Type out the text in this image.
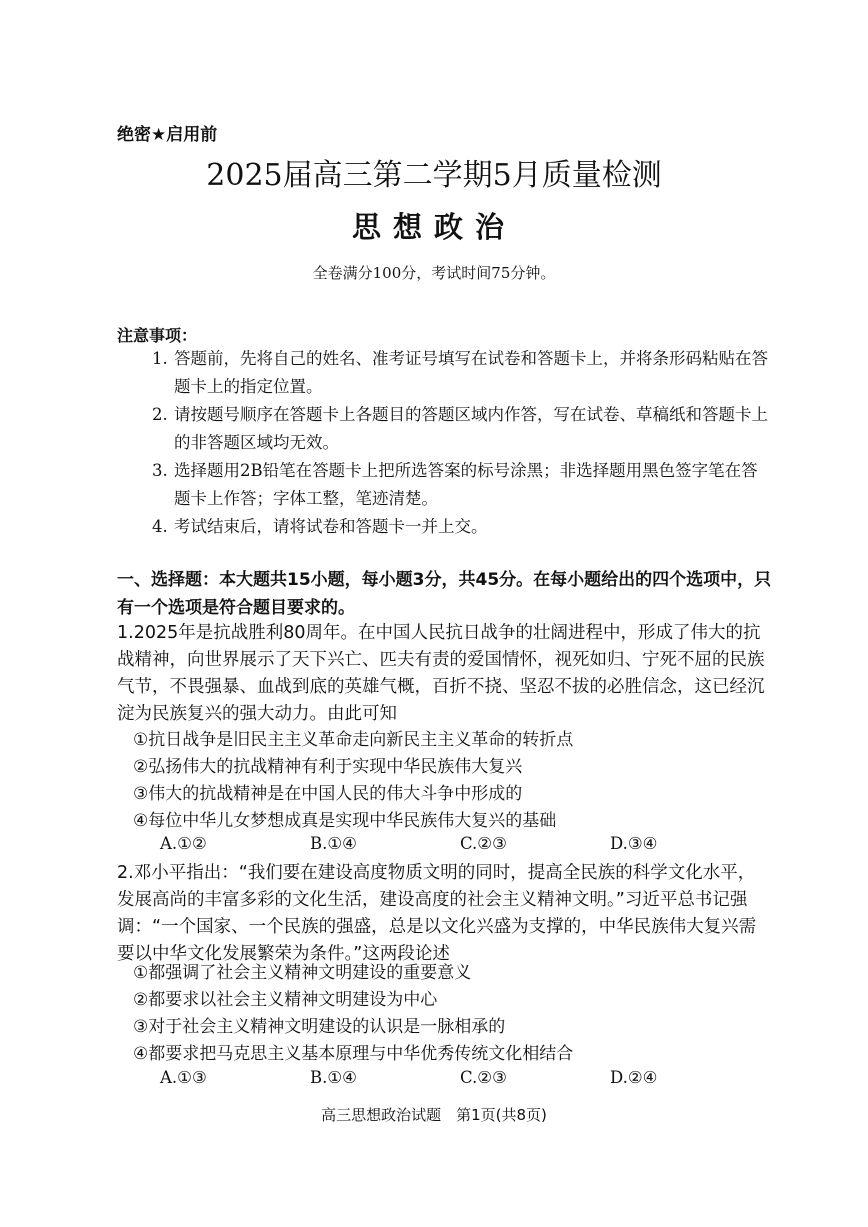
绝密★启用前
2025届高三第二学期5月质量检测
思想政治
全卷满分100分，考试时间75分钟。
注意事项：
1. 答题前，先将自己的姓名、准考证号填写在试卷和答题卡上，并将条形码粘贴在答题卡上的指定位置。
2. 请按题号顺序在答题卡上各题目的答题区域内作答，写在试卷、草稿纸和答题卡上的非答题区域均无效。
3. 选择题用2B铅笔在答题卡上把所选答案的标号涂黑；非选择题用黑色签字笔在答题卡上作答；字体工整，笔迹清楚。
4. 考试结束后，请将试卷和答题卡一并上交。
一、选择题：本大题共15小题，每小题3分，共45分。在每小题给出的四个选项中，只有一个选项是符合题目要求的。
1.2025年是抗战胜利80周年。在中国人民抗日战争的壮阔进程中，形成了伟大的抗战精神，向世界展示了天下兴亡、匹夫有责的爱国情怀，视死如归、宁死不屈的民族气节，不畏强暴、血战到底的英雄气概，百折不挠、坚忍不拔的必胜信念，这已经沉淀为民族复兴的强大动力。由此可知
①抗日战争是旧民主主义革命走向新民主主义革命的转折点
②弘扬伟大的抗战精神有利于实现中华民族伟大复兴
③伟大的抗战精神是在中国人民的伟大斗争中形成的
④每位中华儿女梦想成真是实现中华民族伟大复兴的基础
A.①②	B.①④	C.②③	D.③④
2.邓小平指出：“我们要在建设高度物质文明的同时，提高全民族的科学文化水平，发展高尚的丰富多彩的文化生活，建设高度的社会主义精神文明。”习近平总书记强调：“一个国家、一个民族的强盛，总是以文化兴盛为支撑的，中华民族伟大复兴需要以中华文化发展繁荣为条件。”这两段论述
①都强调了社会主义精神文明建设的重要意义
②都要求以社会主义精神文明建设为中心
③对于社会主义精神文明建设的认识是一脉相承的
④都要求把马克思主义基本原理与中华优秀传统文化相结合
A.①③	B.①④	C.②③	D.②④
高三思想政治试题　第1页(共8页)
